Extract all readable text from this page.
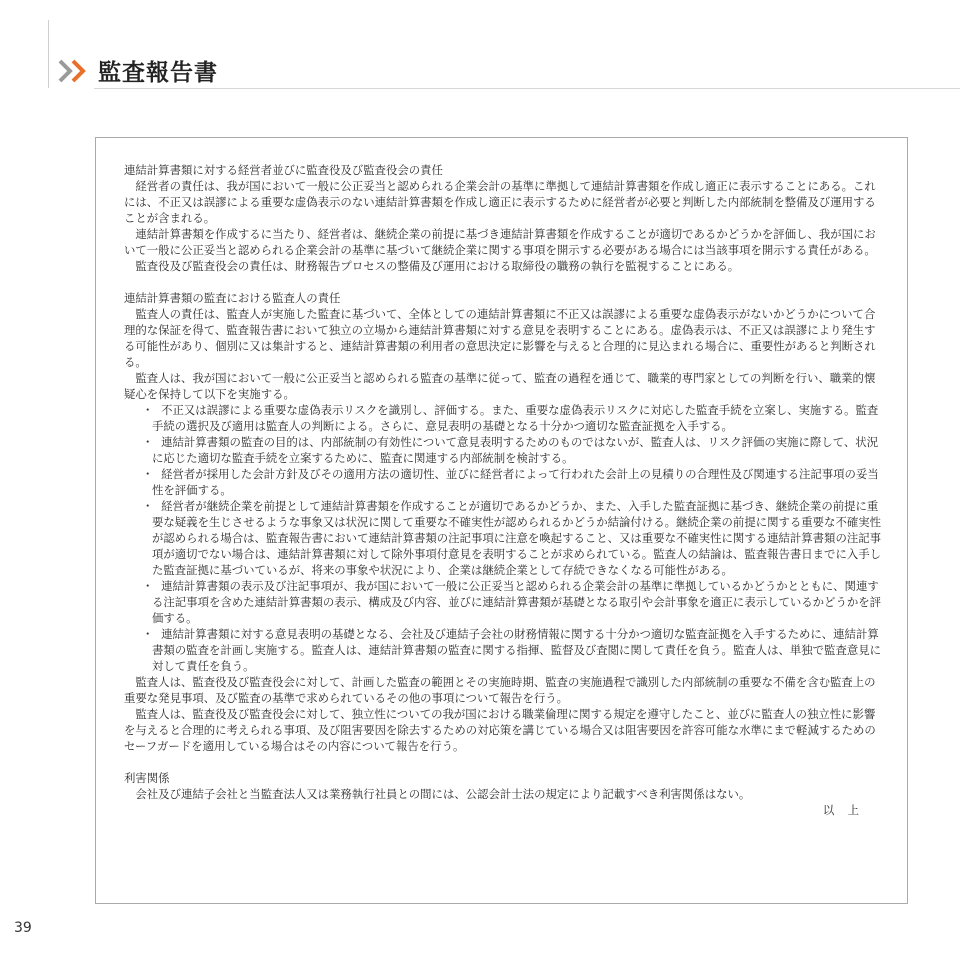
監査報告書

連結計算書類に対する経営者並びに監査役及び監査役会の責任

経営者の責任は、我が国において一般に公正妥当と認められる企業会計の基準に準拠して連結計算書類を作成し適正に表示することにある。これには、不正又は誤謬による重要な虚偽表示のない連結計算書類を作成し適正に表示するために経営者が必要と判断した内部統制を整備及び運用することが含まれる。

連結計算書類を作成するに当たり、経営者は、継続企業の前提に基づき連結計算書類を作成することが適切であるかどうかを評価し、我が国において一般に公正妥当と認められる企業会計の基準に基づいて継続企業に関する事項を開示する必要がある場合には当該事項を開示する責任がある。

監査役及び監査役会の責任は、財務報告プロセスの整備及び運用における取締役の職務の執行を監視することにある。

連結計算書類の監査における監査人の責任

監査人の責任は、監査人が実施した監査に基づいて、全体としての連結計算書類に不正又は誤謬による重要な虚偽表示がないかどうかについて合理的な保証を得て、監査報告書において独立の立場から連結計算書類に対する意見を表明することにある。虚偽表示は、不正又は誤謬により発生する可能性があり、個別に又は集計すると、連結計算書類の利用者の意思決定に影響を与えると合理的に見込まれる場合に、重要性があると判断される。

監査人は、我が国において一般に公正妥当と認められる監査の基準に従って、監査の過程を通じて、職業的専門家としての判断を行い、職業的懐疑心を保持して以下を実施する。

・ 不正又は誤謬による重要な虚偽表示リスクを識別し、評価する。また、重要な虚偽表示リスクに対応した監査手続を立案し、実施する。監査手続の選択及び適用は監査人の判断による。さらに、意見表明の基礎となる十分かつ適切な監査証拠を入手する。
・ 連結計算書類の監査の目的は、内部統制の有効性について意見表明するためのものではないが、監査人は、リスク評価の実施に際して、状況に応じた適切な監査手続を立案するために、監査に関連する内部統制を検討する。
・ 経営者が採用した会計方針及びその適用方法の適切性、並びに経営者によって行われた会計上の見積りの合理性及び関連する注記事項の妥当性を評価する。
・ 経営者が継続企業を前提として連結計算書類を作成することが適切であるかどうか、また、入手した監査証拠に基づき、継続企業の前提に重要な疑義を生じさせるような事象又は状況に関して重要な不確実性が認められるかどうか結論付ける。継続企業の前提に関する重要な不確実性が認められる場合は、監査報告書において連結計算書類の注記事項に注意を喚起すること、又は重要な不確実性に関する連結計算書類の注記事項が適切でない場合は、連結計算書類に対して除外事項付意見を表明することが求められている。監査人の結論は、監査報告書日までに入手した監査証拠に基づいているが、将来の事象や状況により、企業は継続企業として存続できなくなる可能性がある。
・ 連結計算書類の表示及び注記事項が、我が国において一般に公正妥当と認められる企業会計の基準に準拠しているかどうかとともに、関連する注記事項を含めた連結計算書類の表示、構成及び内容、並びに連結計算書類が基礎となる取引や会計事象を適正に表示しているかどうかを評価する。
・ 連結計算書類に対する意見表明の基礎となる、会社及び連結子会社の財務情報に関する十分かつ適切な監査証拠を入手するために、連結計算書類の監査を計画し実施する。監査人は、連結計算書類の監査に関する指揮、監督及び査閲に関して責任を負う。監査人は、単独で監査意見に対して責任を負う。

監査人は、監査役及び監査役会に対して、計画した監査の範囲とその実施時期、監査の実施過程で識別した内部統制の重要な不備を含む監査上の重要な発見事項、及び監査の基準で求められているその他の事項について報告を行う。

監査人は、監査役及び監査役会に対して、独立性についての我が国における職業倫理に関する規定を遵守したこと、並びに監査人の独立性に影響を与えると合理的に考えられる事項、及び阻害要因を除去するための対応策を講じている場合又は阻害要因を許容可能な水準にまで軽減するためのセーフガードを適用している場合はその内容について報告を行う。

利害関係

会社及び連結子会社と当監査法人又は業務執行社員との間には、公認会計士法の規定により記載すべき利害関係はない。

以　上

39
